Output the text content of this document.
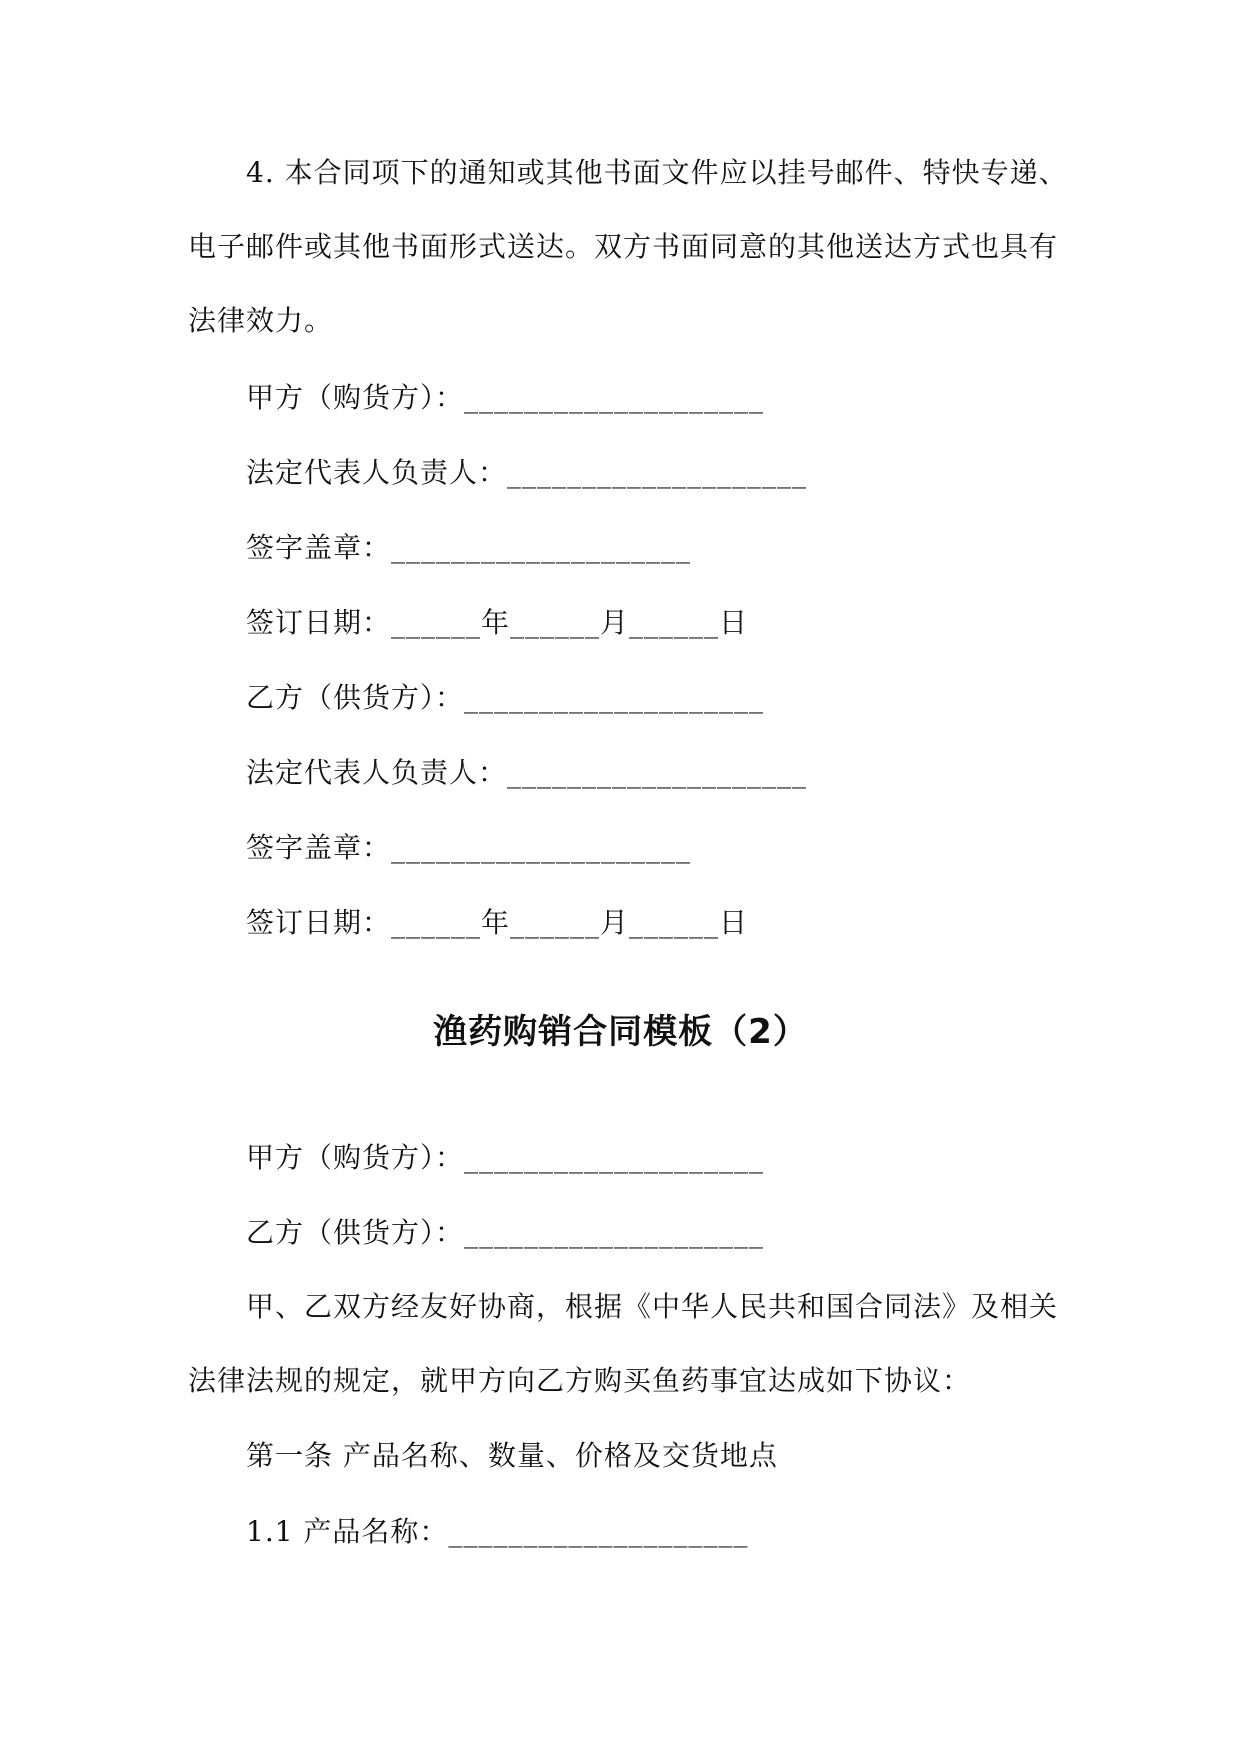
4. 本合同项下的通知或其他书面文件应以挂号邮件、特快专递、
电子邮件或其他书面形式送达。双方书面同意的其他送达方式也具有
法律效力。
甲方（购货方）：____________________
法定代表人负责人：____________________
签字盖章：____________________
签订日期：______年______月______日
乙方（供货方）：____________________
法定代表人负责人：____________________
签字盖章：____________________
签订日期：______年______月______日
渔药购销合同模板（2）
甲方（购货方）：____________________
乙方（供货方）：____________________
甲、乙双方经友好协商，根据《中华人民共和国合同法》及相关
法律法规的规定，就甲方向乙方购买鱼药事宜达成如下协议：
第一条 产品名称、数量、价格及交货地点
1.1 产品名称：____________________
